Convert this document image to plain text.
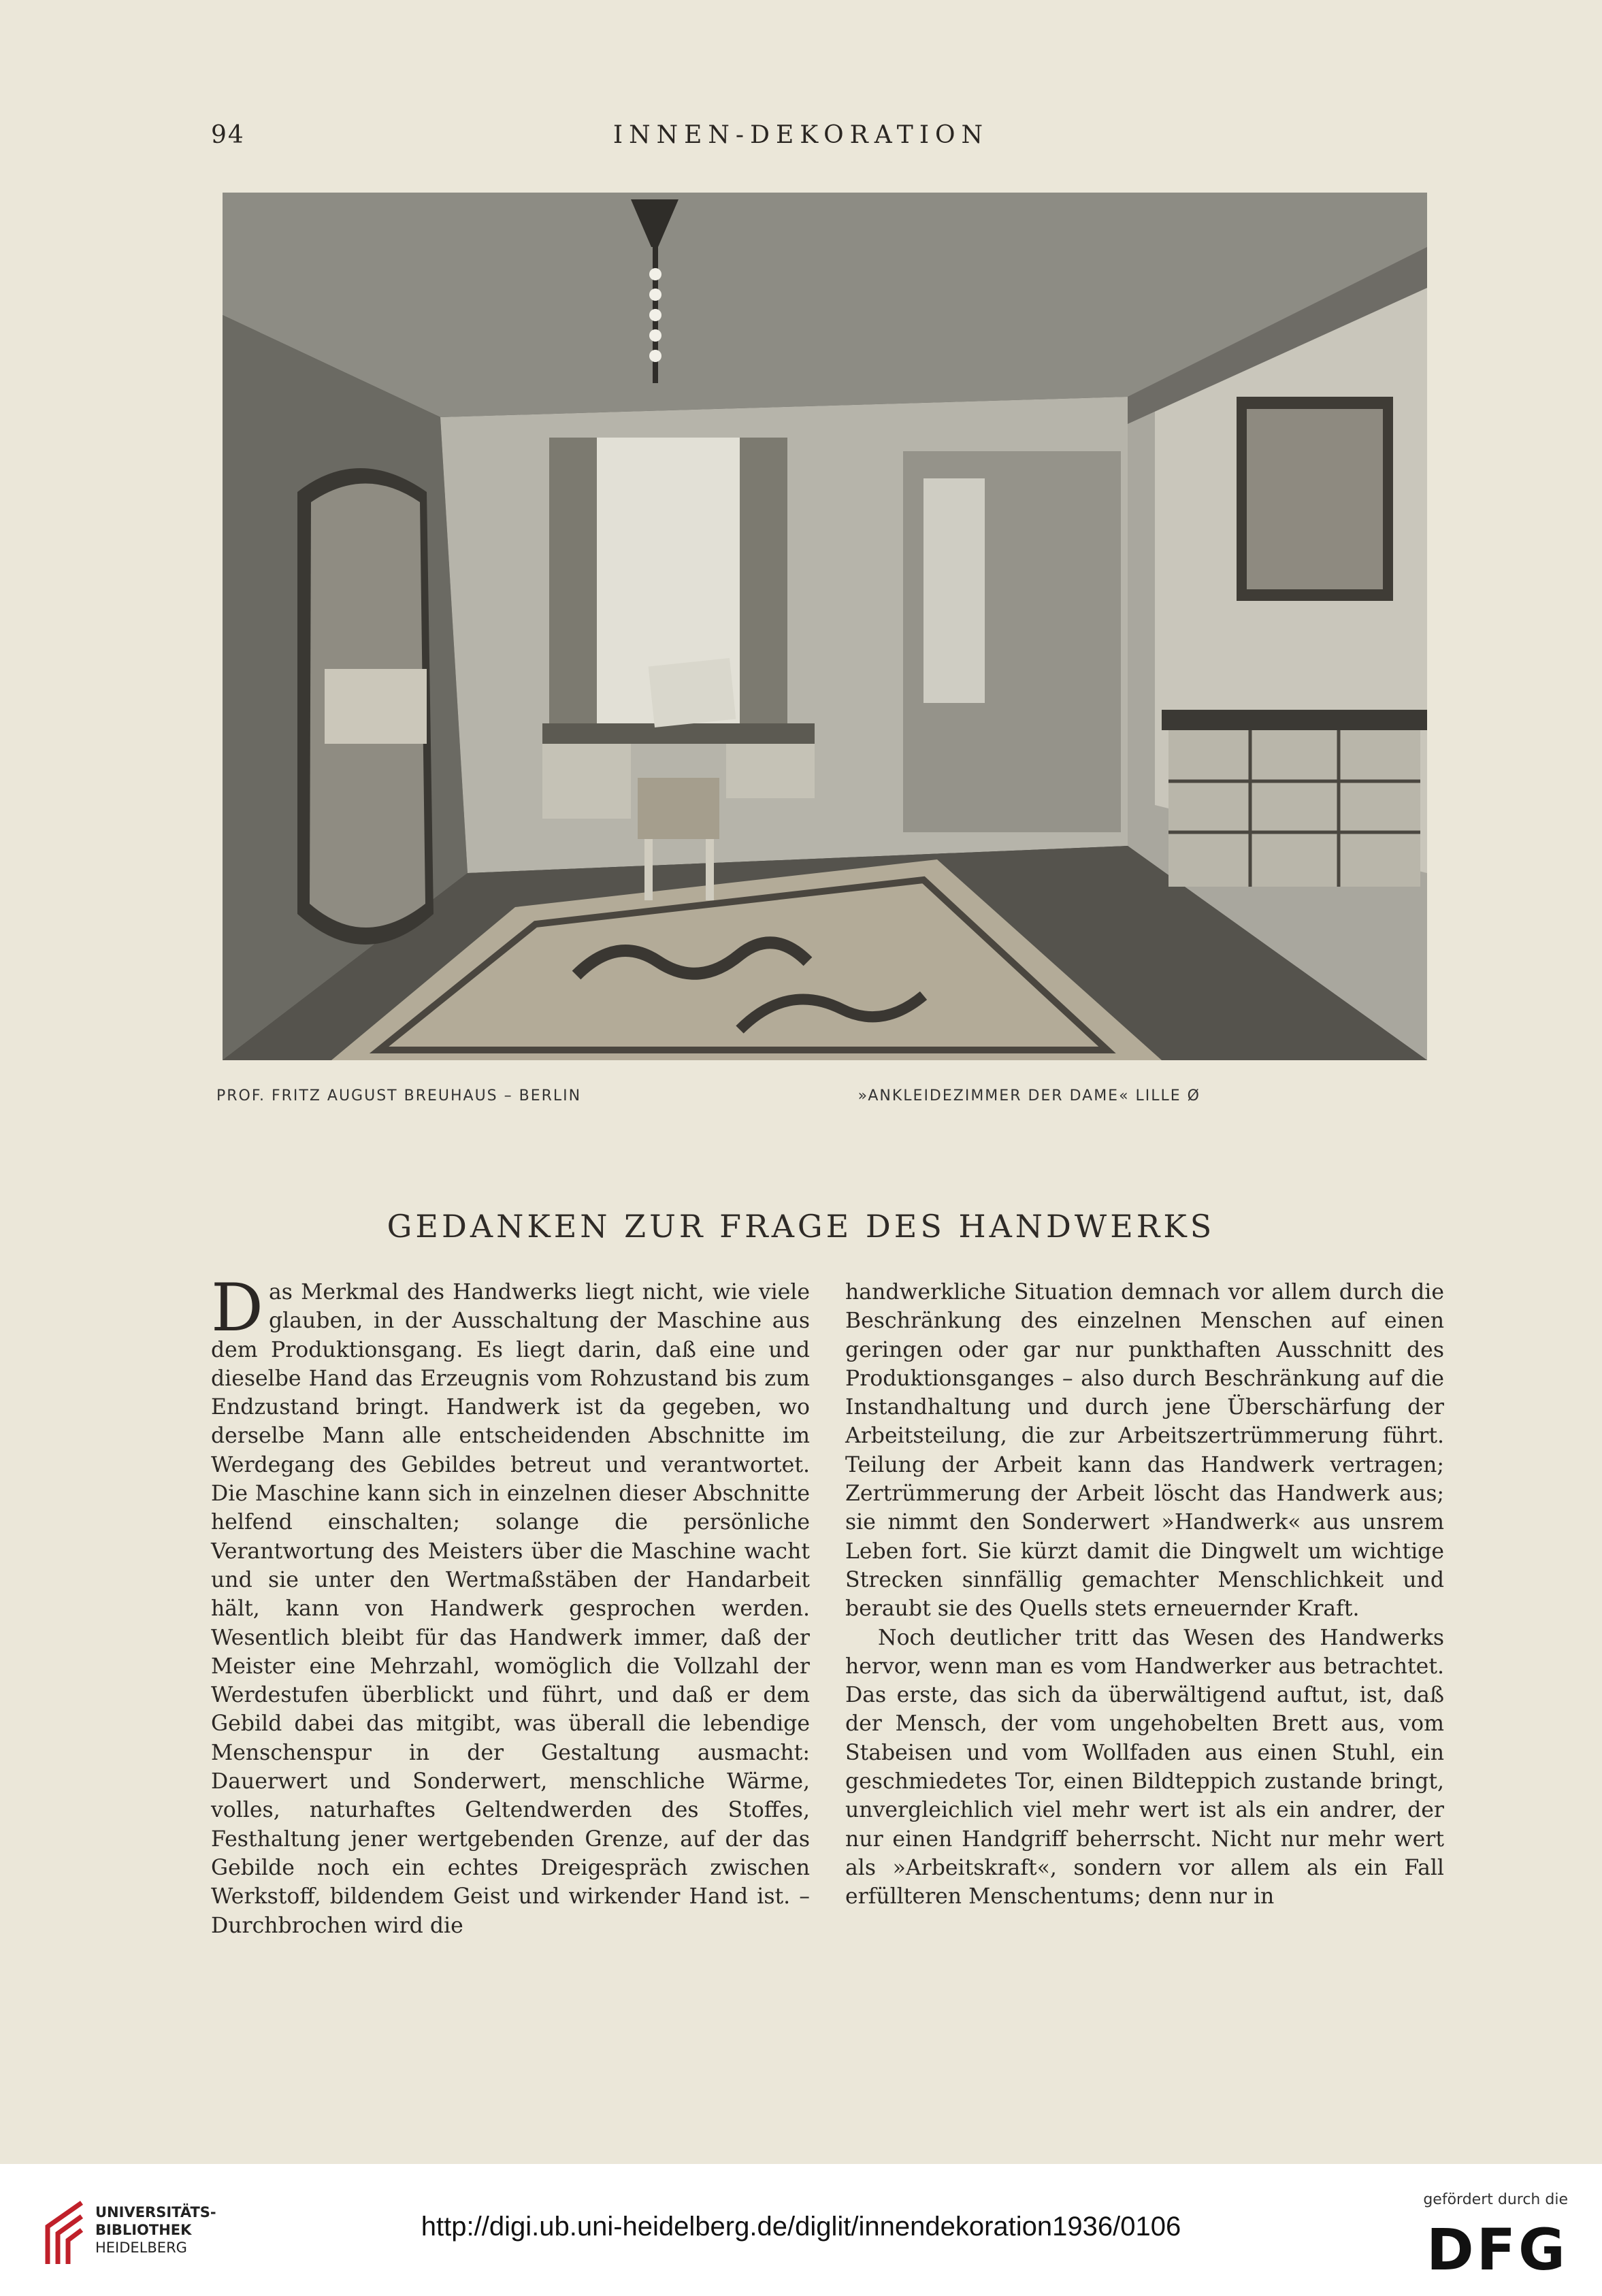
94	INNEN-DEKORATION
PROF. FRITZ AUGUST BREUHAUS – BERLIN	»ANKLEIDEZIMMER DER DAME« LILLE Ø
GEDANKEN ZUR FRAGE DES HANDWERKS

Das Merkmal des Handwerks liegt nicht, wie viele glauben, in der Ausschaltung der Maschine aus dem Produktionsgang. Es liegt darin, daß eine und dieselbe Hand das Erzeugnis vom Rohzustand bis zum Endzustand bringt. Handwerk ist da gegeben, wo derselbe Mann alle entscheidenden Abschnitte im Werdegang des Gebildes betreut und verantwortet. Die Maschine kann sich in einzelnen dieser Abschnitte helfend einschalten; solange die persönliche Verantwortung des Meisters über die Maschine wacht und sie unter den Wertmaßstäben der Handarbeit hält, kann von Handwerk gesprochen werden. Wesentlich bleibt für das Handwerk immer, daß der Meister eine Mehrzahl, womöglich die Vollzahl der Werdestufen überblickt und führt, und daß er dem Gebild dabei das mitgibt, was überall die lebendige Menschenspur in der Gestaltung ausmacht: Dauerwert und Sonderwert, menschliche Wärme, volles, naturhaftes Geltendwerden des Stoffes, Festhaltung jener wertgebenden Grenze, auf der das Gebilde noch ein echtes Dreigespräch zwischen Werkstoff, bildendem Geist und wirkender Hand ist. – Durchbrochen wird die

handwerkliche Situation demnach vor allem durch die Beschränkung des einzelnen Menschen auf einen geringen oder gar nur punkthaften Ausschnitt des Produktionsganges – also durch Beschränkung auf die Instandhaltung und durch jene Überschärfung der Arbeitsteilung, die zur Arbeitszertrümmerung führt. Teilung der Arbeit kann das Handwerk vertragen; Zertrümmerung der Arbeit löscht das Handwerk aus; sie nimmt den Sonderwert »Handwerk« aus unsrem Leben fort. Sie kürzt damit die Dingwelt um wichtige Strecken sinnfällig gemachter Menschlichkeit und beraubt sie des Quells stets erneuernder Kraft.

Noch deutlicher tritt das Wesen des Handwerks hervor, wenn man es vom Handwerker aus betrachtet. Das erste, das sich da überwältigend auftut, ist, daß der Mensch, der vom ungehobelten Brett aus, vom Stabeisen und vom Wollfaden aus einen Stuhl, ein geschmiedetes Tor, einen Bildteppich zustande bringt, unvergleichlich viel mehr wert ist als ein andrer, der nur einen Handgriff beherrscht. Nicht nur mehr wert als »Arbeitskraft«, sondern vor allem als ein Fall erfüllteren Menschentums; denn nur in

UNIVERSITÄTS-
BIBLIOTHEK
HEIDELBERG
http://digi.ub.uni-heidelberg.de/diglit/innendekoration1936/0106
gefördert durch die
DFG
